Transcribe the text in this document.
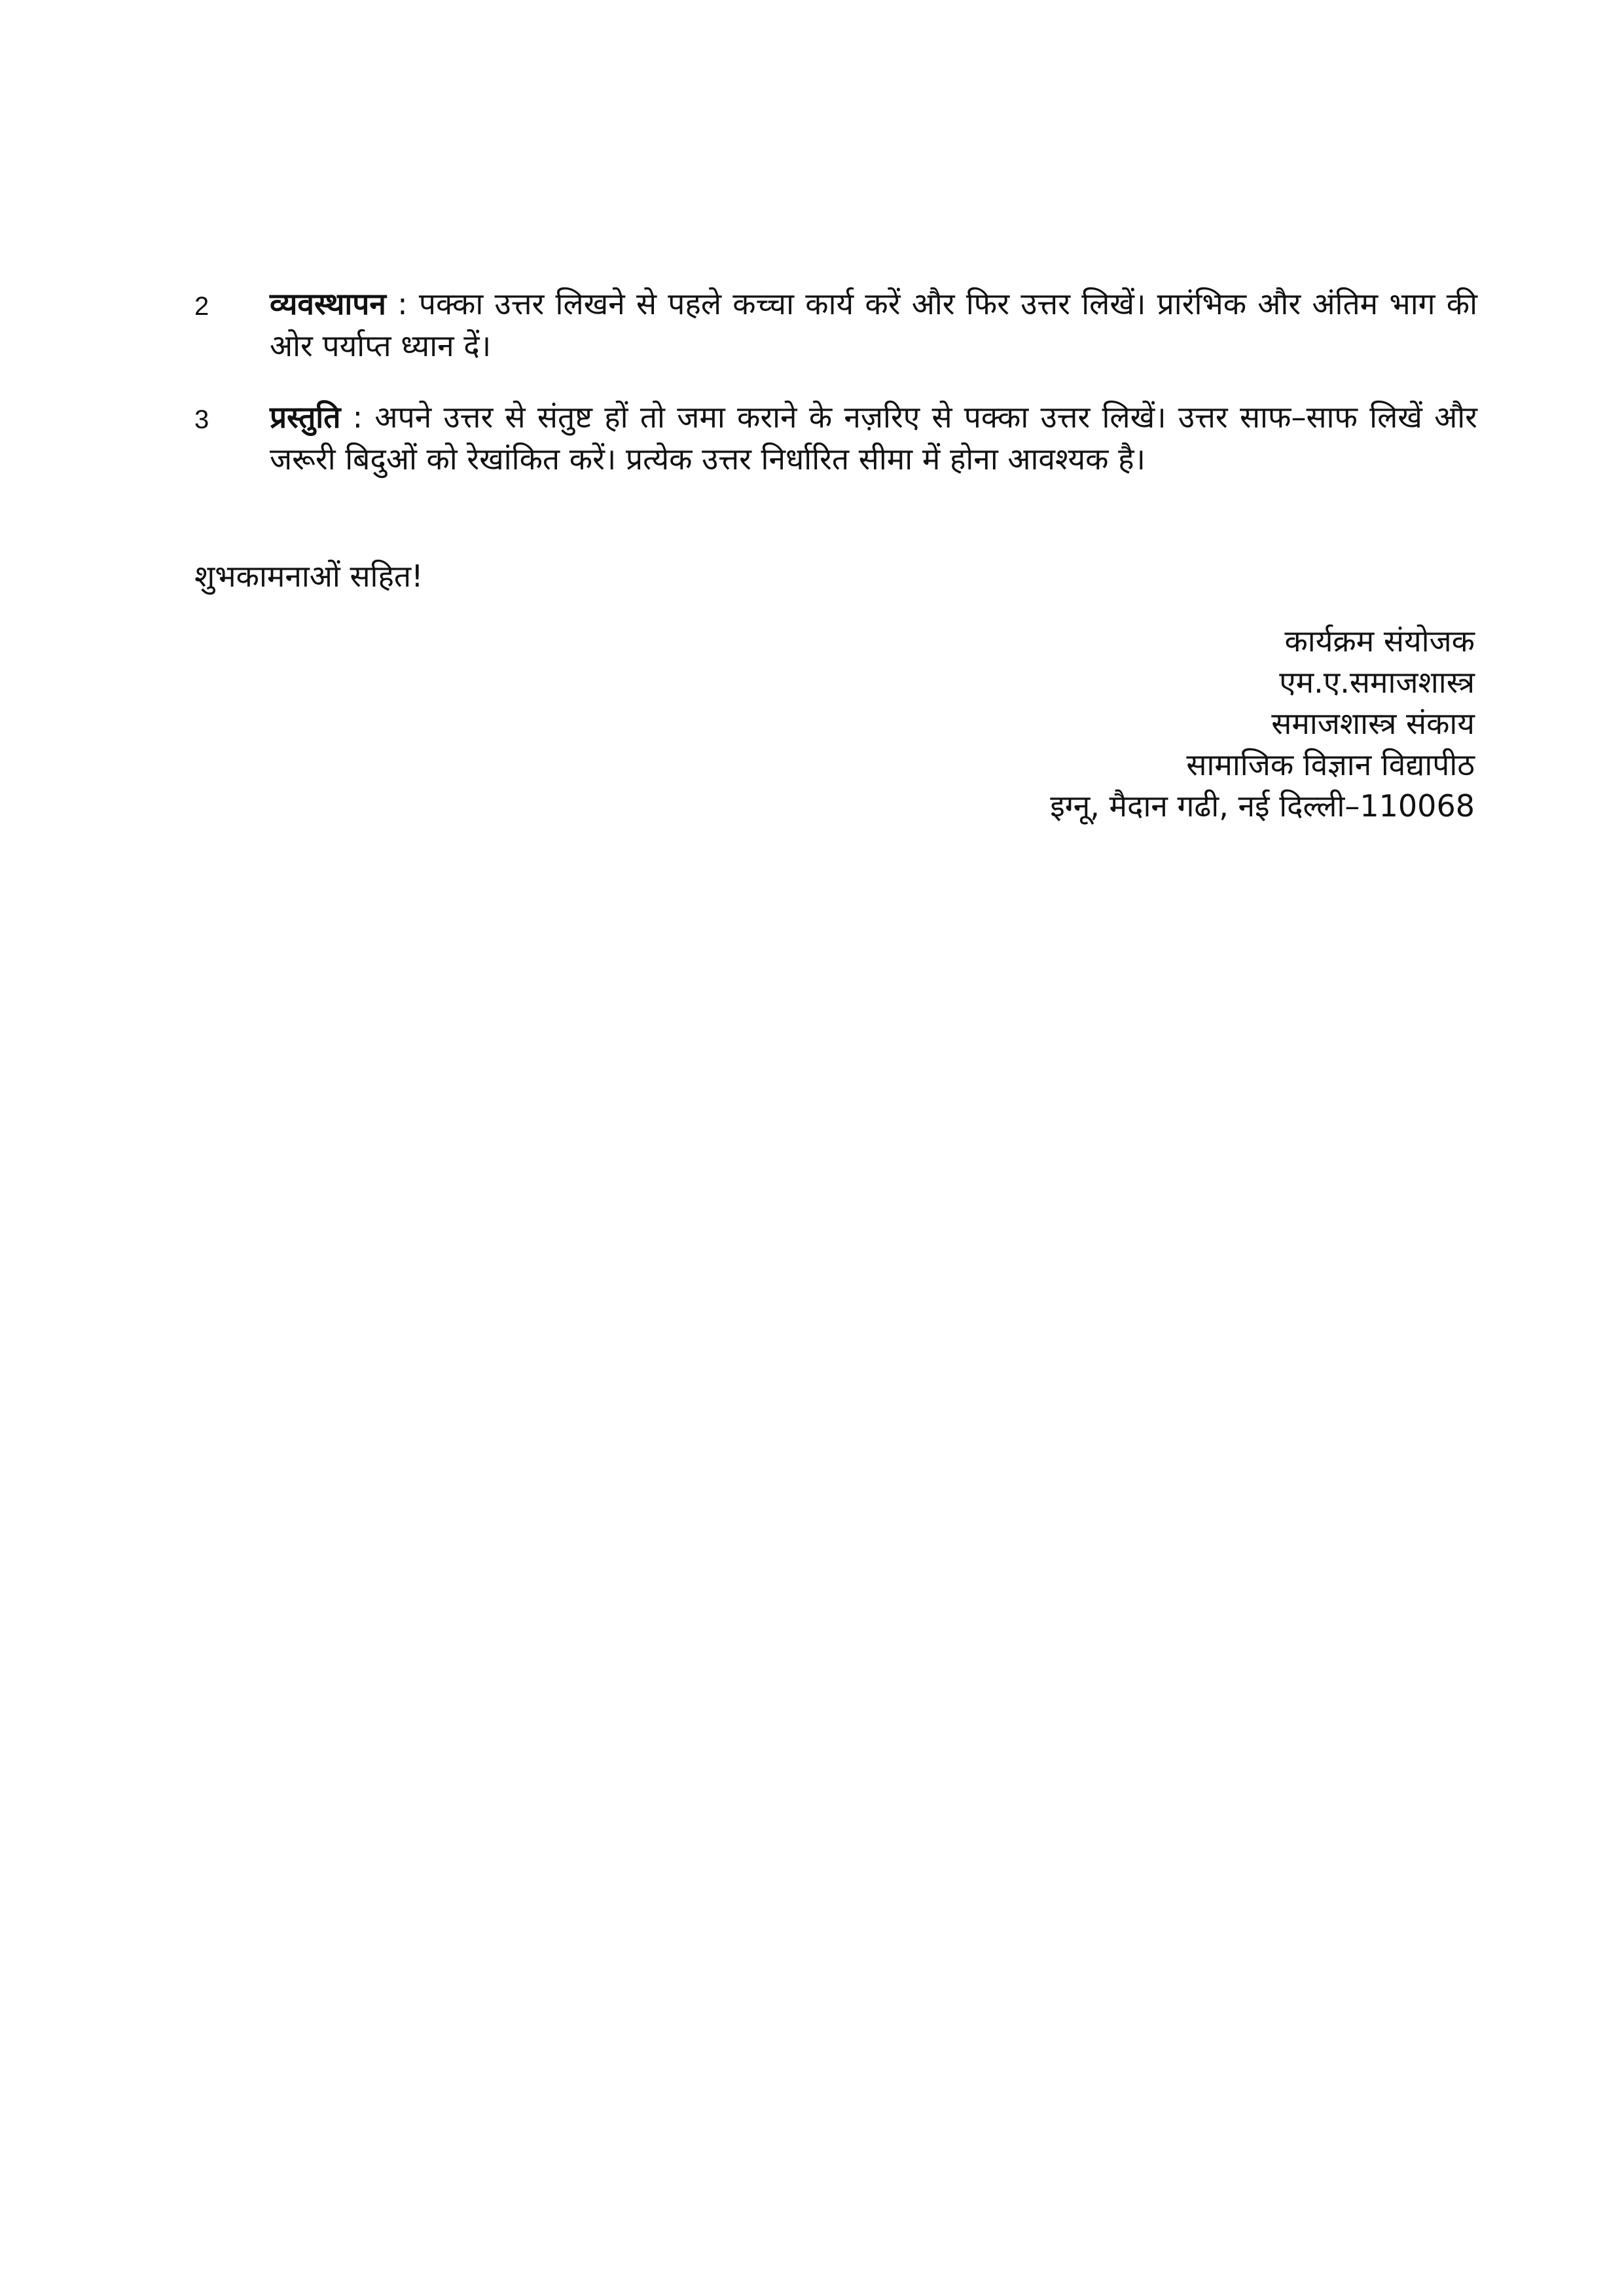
2 व्यवस्थापन : पक्का उत्तर लिखने से पहले कच्चा कार्य करें और फिर उत्तर लिखें। प्रारंभिक और अंतिम भाग की ओर पर्याप्त ध्यान दें।
3 प्रस्तुति : अपने उत्तर से संतुष्ट हों तो जमा कराने के नज़रिए से पक्का उत्तर लिखें। उत्तर साफ–साफ लिखें और जरूरी बिदुओं को रेखांकित करें। प्रत्येक उत्तर निर्धारित सीमा में होना आवश्यक है।
शुभकामनाओं सहित!
कार्यक्रम संयोजक
एम.ए.समाजशास्त्र
समाजशास्त्र संकाय
सामाजिक विज्ञान विद्यापीठ
इग्नू, मैदान गढी, नई दिल्ली–110068
